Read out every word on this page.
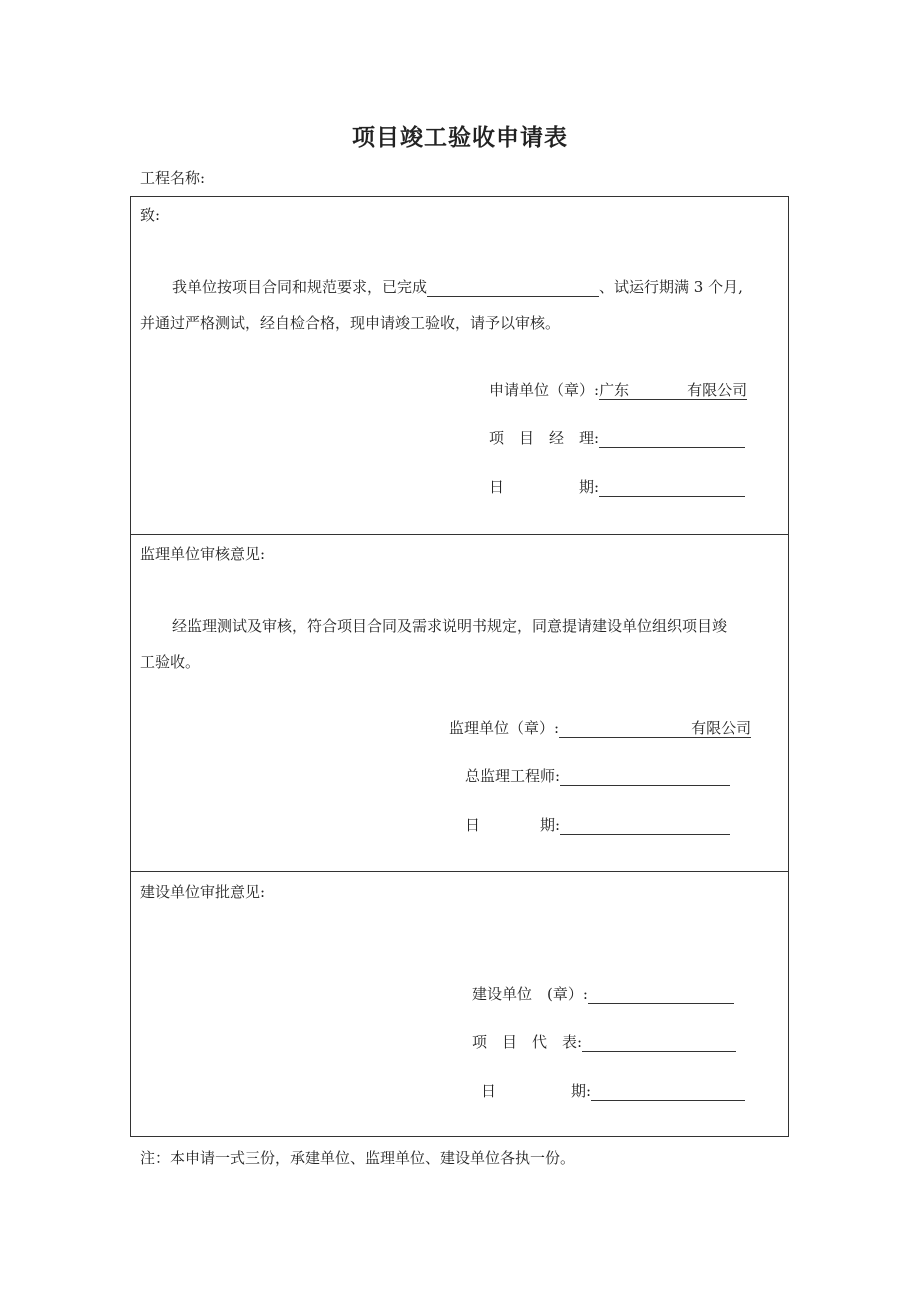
项目竣工验收申请表
工程名称:
致:
我单位按项目合同和规范要求，已完成	、试运行期满 3 个月,
并通过严格测试，经自检合格，现申请竣工验收，请予以审核。
申请单位（章）:广东	有限公司
项　目　经　理:
日　　　　　期:
监理单位审核意见:
经监理测试及审核，符合项目合同及需求说明书规定，同意提请建设单位组织项目竣
工验收。
监理单位（章）:	有限公司
总监理工程师:
日　　　　期:
建设单位审批意见:
建设单位　(章）:
项　目　代　表:
日　　　　　期:
注：本申请一式三份，承建单位、监理单位、建设单位各执一份。
